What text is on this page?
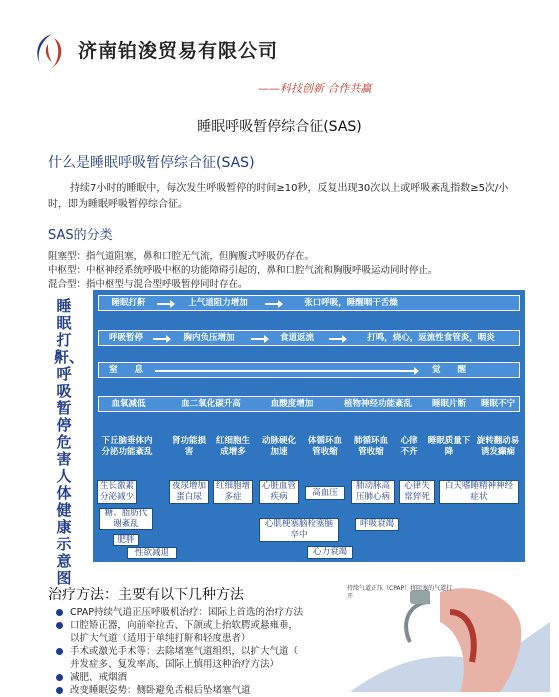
济南铂浚贸易有限公司
——科技创新 合作共赢
睡眠呼吸暂停综合征(SAS)
什么是睡眠呼吸暂停综合征(SAS)
持续7小时的睡眠中，每次发生呼吸暂停的时间≥10秒，反复出现30次以上或呼吸紊乱指数≥5次/小时，即为睡眠呼吸暂停综合征。
SAS的分类
阻塞型：指气道阻塞，鼻和口腔无气流，但胸腹式呼吸仍存在。
中枢型：中枢神经系统呼吸中枢的功能障碍引起的，鼻和口腔气流和胸腹呼吸运动同时停止。
混合型：指中枢型与混合型呼吸暂停同时存在。
睡眠打鼾、呼吸暂停危害人体健康示意图
睡眠打鼾	上气道阻力增加	张口呼吸，睡醒咽干舌燥
呼吸暂停	胸内负压增加	食道返流	打鸣，烧心，返流性食管炎，咽炎
窒　　息	觉　　醒
血氧减低	血二氧化碳升高	血酸度增加	植物神经功能紊乱	睡眠片断	睡眠不宁
下丘脑垂体内分泌功能紊乱
肾功能损害
红细胞生成增多
动脉硬化加速
体循环血管收缩
肺循环血管收缩
心律不齐
睡眠质量下降
旋转翻动易诱发癫痫
生长激素分泌减少
糖、脂肪代谢紊乱
肥胖
性欲减退
夜尿增加蛋白尿
红细胞增多症
心脏血管疾病	高血压
肺动脉高压肺心病
心律失常猝死
白天嗜睡精神神经症状
心肌梗塞脑栓塞脑卒中
心力衰竭
呼吸衰竭
治疗方法：主要有以下几种方法
CPAP持续气道正压呼吸机治疗：国际上首选的治疗方法
口腔矫正器，向前牵拉舌、下颌或上抬软腭或悬雍垂，
以扩大气道（适用于单纯打鼾和轻度患者）
手术或激光手术等：去除堵塞气道组织，以扩大气道（
并发症多、复发率高，国际上慎用这种治疗方法）
减肥、戒烟酒
改变睡眠姿势：侧卧避免舌根后坠堵塞气道
持续气道正压（CPAP）将阻塞的气道打开
